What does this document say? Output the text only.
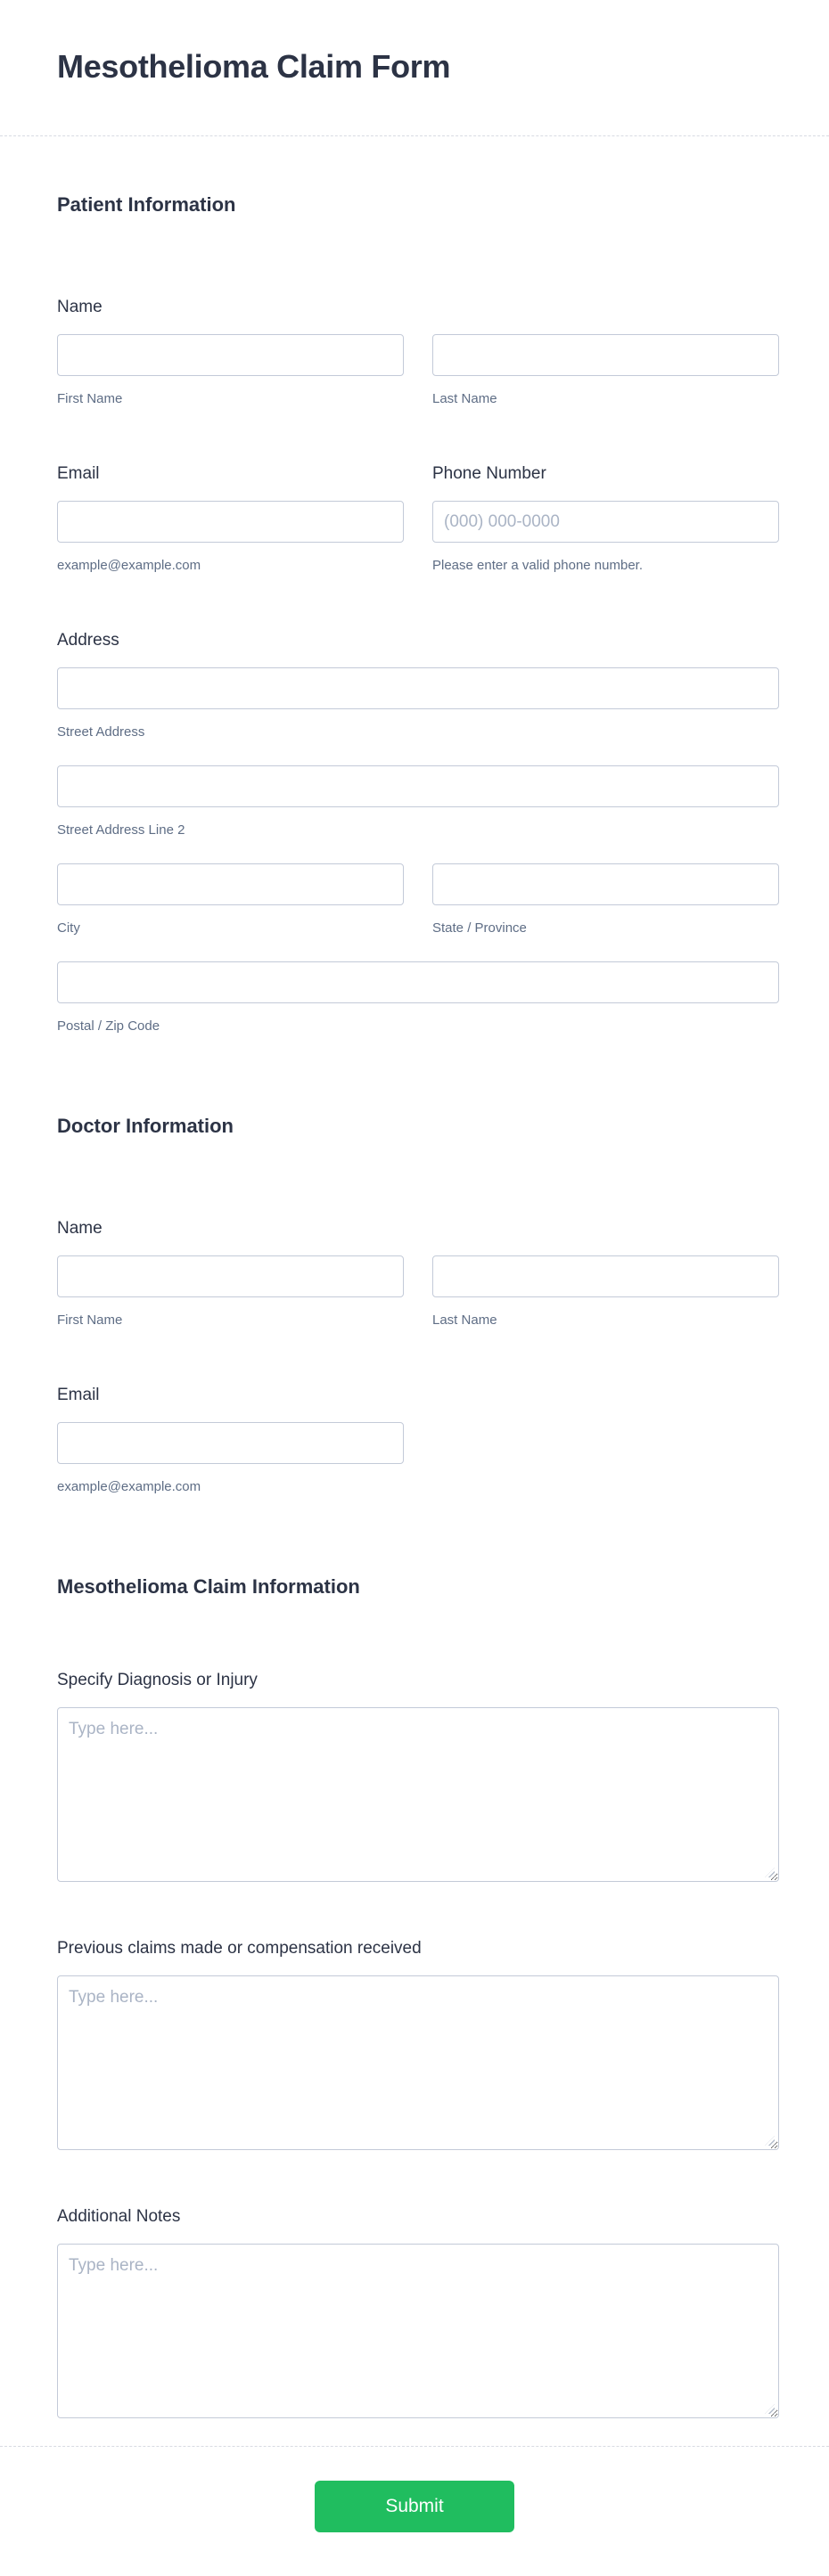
Mesothelioma Claim Form
Patient Information
Name
First Name	Last Name
Email
example@example.com
Phone Number
(000) 000-0000
Please enter a valid phone number.
Address
Street Address
Street Address Line 2
City	State / Province
Postal / Zip Code
Doctor Information
Name
First Name	Last Name
Email
example@example.com
Mesothelioma Claim Information
Specify Diagnosis or Injury
Type here...
Previous claims made or compensation received
Type here...
Additional Notes
Type here...
Submit
